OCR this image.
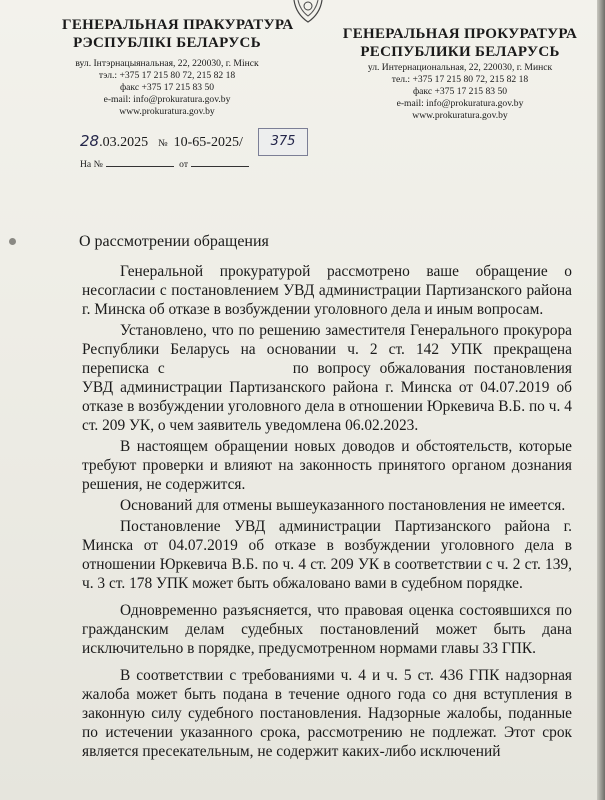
ГЕНЕРАЛЬНАЯ ПРАКУРАТУРА
РЭСПУБЛІКІ БЕЛАРУСЬ
ГЕНЕРАЛЬНАЯ ПРОКУРАТУРА
РЕСПУБЛИКИ БЕЛАРУСЬ
вул. Інтэрнацыянальная, 22, 220030, г. Мінск
тэл.: +375 17 215 80 72, 215 82 18
факс +375 17 215 83 50
e-mail: info@prokuratura.gov.by
www.prokuratura.gov.by
ул. Интернациональная, 22, 220030, г. Минск
тел.: +375 17 215 80 72, 215 82 18
факс +375 17 215 83 50
e-mail: info@prokuratura.gov.by
www.prokuratura.gov.by
28.03.2025 № 10-65-2025/	375
На №	от
О рассмотрении обращения

Генеральной прокуратурой рассмотрено ваше обращение о несогласии с постановлением УВД администрации Партизанского района г. Минска об отказе в возбуждении уголовного дела и иным вопросам.

Установлено, что по решению заместителя Генерального прокурора Республики Беларусь на основании ч. 2 ст. 142 УПК прекращена переписка с	по вопросу обжалования постановления УВД администрации Партизанского района г. Минска от 04.07.2019 об отказе в возбуждении уголовного дела в отношении Юркевича В.Б. по ч. 4 ст. 209 УК, о чем заявитель уведомлена 06.02.2023.

В настоящем обращении новых доводов и обстоятельств, которые требуют проверки и влияют на законность принятого органом дознания решения, не содержится.

Оснований для отмены вышеуказанного постановления не имеется.

Постановление УВД администрации Партизанского района г. Минска от 04.07.2019 об отказе в возбуждении уголовного дела в отношении Юркевича В.Б. по ч. 4 ст. 209 УК в соответствии с ч. 2 ст. 139, ч. 3 ст. 178 УПК может быть обжаловано вами в судебном порядке.

Одновременно разъясняется, что правовая оценка состоявшихся по гражданским делам судебных постановлений может быть дана исключительно в порядке, предусмотренном нормами главы 33 ГПК.

В соответствии с требованиями ч. 4 и ч. 5 ст. 436 ГПК надзорная жалоба может быть подана в течение одного года со дня вступления в законную силу судебного постановления. Надзорные жалобы, поданные по истечении указанного срока, рассмотрению не подлежат. Этот срок является пресекательным, не содержит каких-либо исключений
